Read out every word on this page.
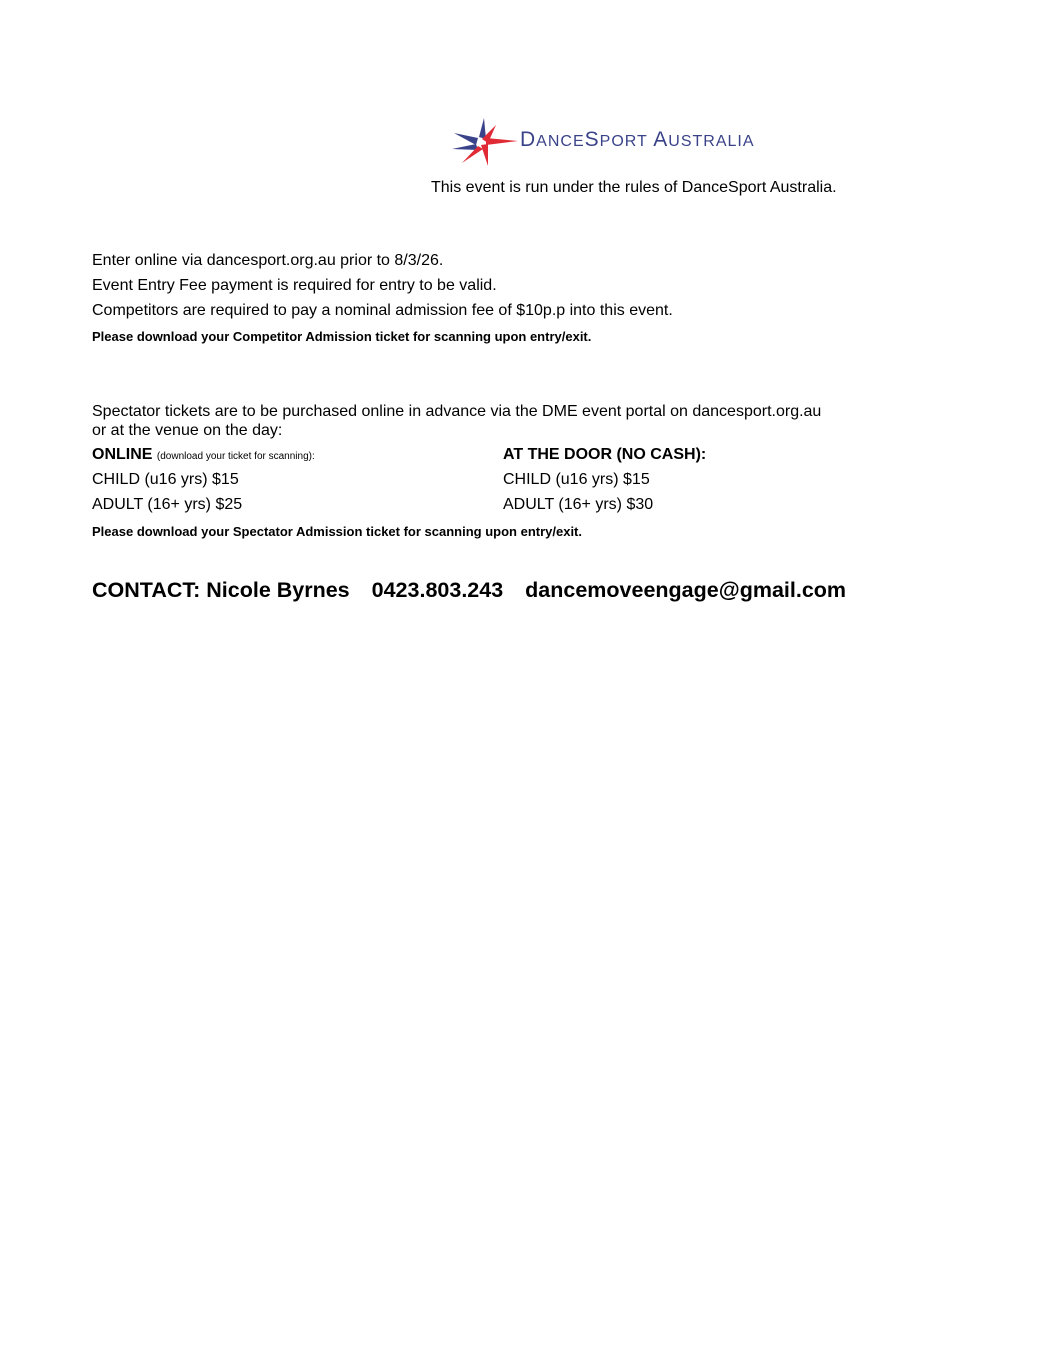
DANCESPORT AUSTRALIA
This event is run under the rules of DanceSport Australia.
Enter online via dancesport.org.au prior to 8/3/26.
Event Entry Fee payment is required for entry to be valid.
Competitors are required to pay a nominal admission fee of $10p.p into this event.
Please download your Competitor Admission ticket for scanning upon entry/exit.
Spectator tickets are to be purchased online in advance via the DME event portal on dancesport.org.au
or at the venue on the day:
ONLINE (download your ticket for scanning):	AT THE DOOR (NO CASH):
CHILD (u16 yrs) $15	CHILD (u16 yrs) $15
ADULT (16+ yrs) $25	ADULT (16+ yrs) $30
Please download your Spectator Admission ticket for scanning upon entry/exit.
CONTACT: Nicole Byrnes 0423.803.243 dancemoveengage@gmail.com
